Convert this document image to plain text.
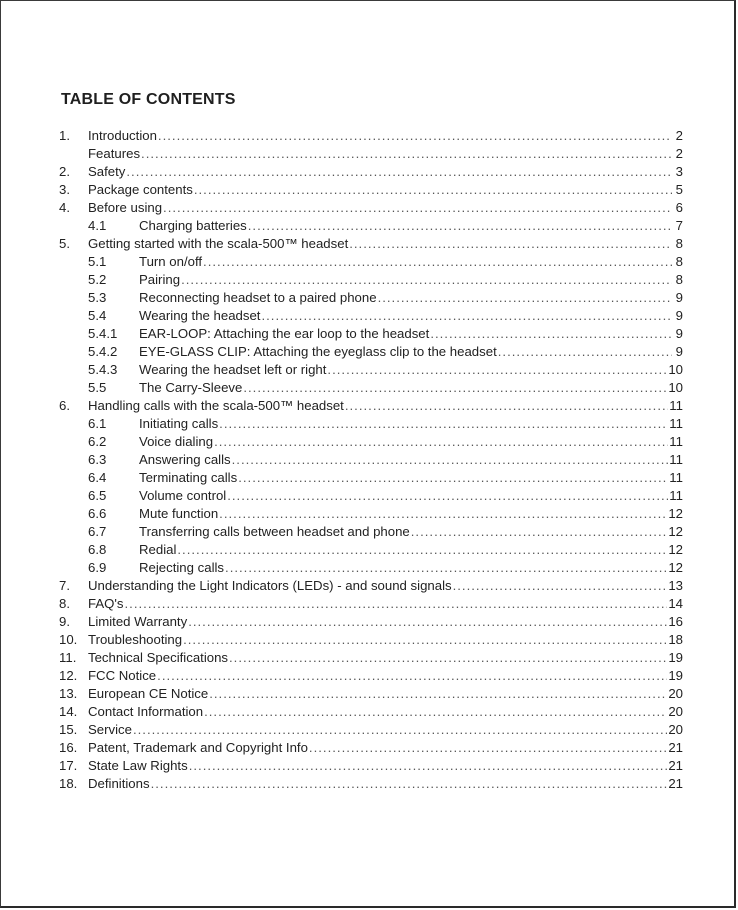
TABLE OF CONTENTS
1.	Introduction .....	2
Features .....	2
2.	Safety .....	3
3.	Package contents .....	5
4.	Before using .....	6
4.1	Charging batteries .....	7
5.	Getting started with the scala-500™ headset .....	8
5.1	Turn on/off .....	8
5.2	Pairing .....	8
5.3	Reconnecting headset to a paired phone .....	9
5.4	Wearing the headset .....	9
5.4.1	EAR-LOOP: Attaching the ear loop to the headset .....	9
5.4.2	EYE-GLASS CLIP: Attaching the eyeglass clip to the headset .....	9
5.4.3	Wearing the headset left or right .....	10
5.5	The Carry-Sleeve .....	10
6.	Handling calls with the scala-500™ headset .....	11
6.1	Initiating calls .....	11
6.2	Voice dialing .....	11
6.3	Answering calls .....	11
6.4	Terminating calls .....	11
6.5	Volume control .....	11
6.6	Mute function .....	12
6.7	Transferring calls between headset and phone .....	12
6.8	Redial .....	12
6.9	Rejecting calls .....	12
7.	Understanding the Light Indicators (LEDs) - and sound signals .....	13
8.	FAQ's .....	14
9.	Limited Warranty .....	16
10. Troubleshooting .....	18
11. Technical Specifications .....	19
12. FCC Notice .....	19
13. European CE Notice .....	20
14. Contact Information .....	20
15. Service .....	20
16. Patent, Trademark and Copyright Info .....	21
17. State Law Rights .....	21
18. Definitions .....	21
